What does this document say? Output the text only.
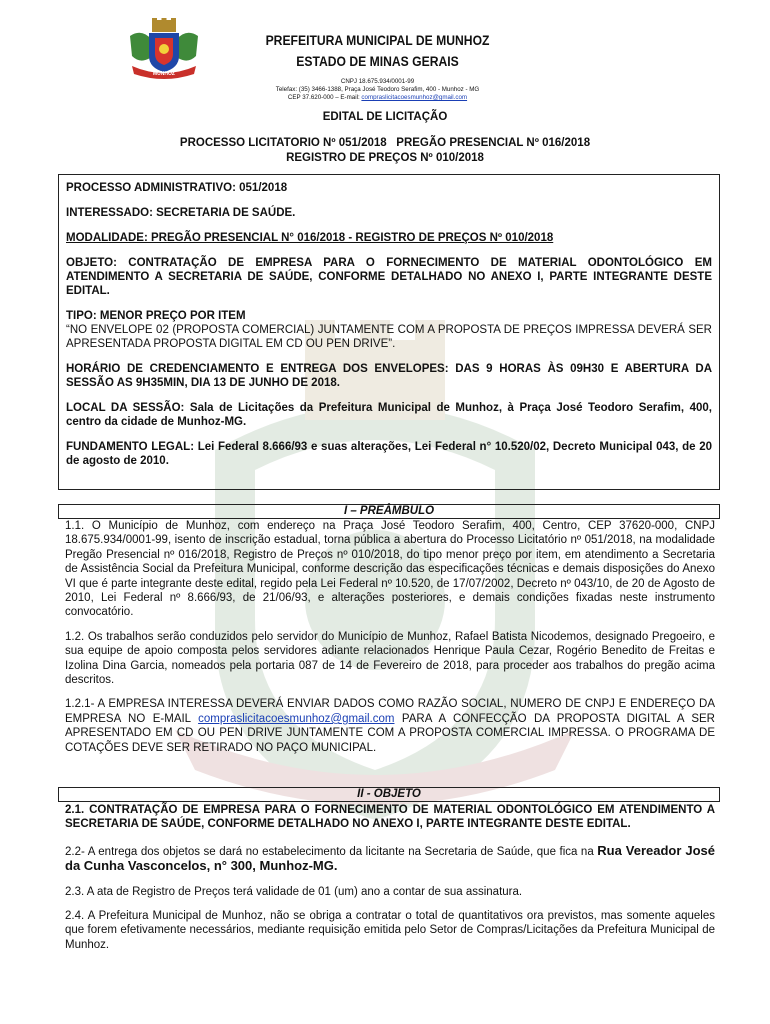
MUNHOZ
PREFEITURA MUNICIPAL DE MUNHOZ
ESTADO DE MINAS GERAIS
CNPJ 18.675.934/0001-99
Telefax: (35) 3466-1388, Praça José Teodoro Serafim, 400 - Munhoz - MG
CEP 37.620-000 – E-mail: compraslicitacoesmunhoz@gmail.com
EDITAL DE LICITAÇÃO
PROCESSO LICITATORIO Nº 051/2018   PREGÃO PRESENCIAL Nº 016/2018
REGISTRO DE PREÇOS Nº 010/2018

PROCESSO ADMINISTRATIVO: 051/2018

INTERESSADO: SECRETARIA DE SAÚDE.

MODALIDADE: PREGÃO PRESENCIAL N° 016/2018 - REGISTRO DE PREÇOS Nº 010/2018

OBJETO: CONTRATAÇÃO DE EMPRESA PARA O FORNECIMENTO DE MATERIAL ODONTOLÓGICO EM ATENDIMENTO A SECRETARIA DE SAÚDE, CONFORME DETALHADO NO ANEXO I, PARTE INTEGRANTE DESTE EDITAL.

TIPO: MENOR PREÇO POR ITEM
“NO ENVELOPE 02 (PROPOSTA COMERCIAL) JUNTAMENTE COM A PROPOSTA DE PREÇOS IMPRESSA DEVERÁ SER APRESENTADA PROPOSTA DIGITAL EM CD OU PEN DRIVE”.

HORÁRIO DE CREDENCIAMENTO E ENTREGA DOS ENVELOPES: DAS 9 HORAS ÀS 09H30 E ABERTURA DA SESSÃO AS 9H35MIN, DIA 13 DE JUNHO DE 2018.

LOCAL DA SESSÃO: Sala de Licitações da Prefeitura Municipal de Munhoz, à Praça José Teodoro Serafim, 400, centro da cidade de Munhoz-MG.

FUNDAMENTO LEGAL: Lei Federal 8.666/93 e suas alterações, Lei Federal n° 10.520/02, Decreto Municipal 043, de 20 de agosto de 2010.

I – PREÂMBULO

1.1. O Município de Munhoz, com endereço na Praça José Teodoro Serafim, 400, Centro, CEP 37620-000, CNPJ 18.675.934/0001-99, isento de inscrição estadual, torna pública a abertura do Processo Licitatório nº 051/2018, na modalidade Pregão Presencial nº 016/2018, Registro de Preços nº 010/2018, do tipo menor preço por item, em atendimento a Secretaria de Assistência Social da Prefeitura Municipal, conforme descrição das especificações técnicas e demais disposições do Anexo VI que é parte integrante deste edital, regido pela Lei Federal nº 10.520, de 17/07/2002, Decreto nº 043/10, de 20 de Agosto de 2010, Lei Federal nº 8.666/93, de 21/06/93, e alterações posteriores, e demais condições fixadas neste instrumento convocatório.

1.2. Os trabalhos serão conduzidos pelo servidor do Município de Munhoz, Rafael Batista Nicodemos, designado Pregoeiro, e sua equipe de apoio composta pelos servidores adiante relacionados Henrique Paula Cezar, Rogério Benedito de Freitas e Izolina Dina Garcia, nomeados pela portaria 087 de 14 de Fevereiro de 2018, para proceder aos trabalhos do pregão acima descritos.

1.2.1- A EMPRESA INTERESSA DEVERÁ ENVIAR DADOS COMO RAZÃO SOCIAL, NUMERO DE CNPJ E ENDEREÇO DA EMPRESA NO E-MAIL compraslicitacoesmunhoz@gmail.com PARA A CONFECÇÃO DA PROPOSTA DIGITAL A SER APRESENTADO EM CD OU PEN DRIVE JUNTAMENTE COM A PROPOSTA COMERCIAL IMPRESSA. O PROGRAMA DE COTAÇÕES DEVE SER RETIRADO NO PAÇO MUNICIPAL.

II - OBJETO

2.1. CONTRATAÇÃO DE EMPRESA PARA O FORNECIMENTO DE MATERIAL ODONTOLÓGICO EM ATENDIMENTO A SECRETARIA DE SAÚDE, CONFORME DETALHADO NO ANEXO I, PARTE INTEGRANTE DESTE EDITAL.

2.2- A entrega dos objetos se dará no estabelecimento da licitante na Secretaria de Saúde, que fica na Rua Vereador José da Cunha Vasconcelos, n° 300, Munhoz-MG.

2.3. A ata de Registro de Preços terá validade de 01 (um) ano a contar de sua assinatura.

2.4. A Prefeitura Municipal de Munhoz, não se obriga a contratar o total de quantitativos ora previstos, mas somente aqueles que forem efetivamente necessários, mediante requisição emitida pelo Setor de Compras/Licitações da Prefeitura Municipal de Munhoz.
